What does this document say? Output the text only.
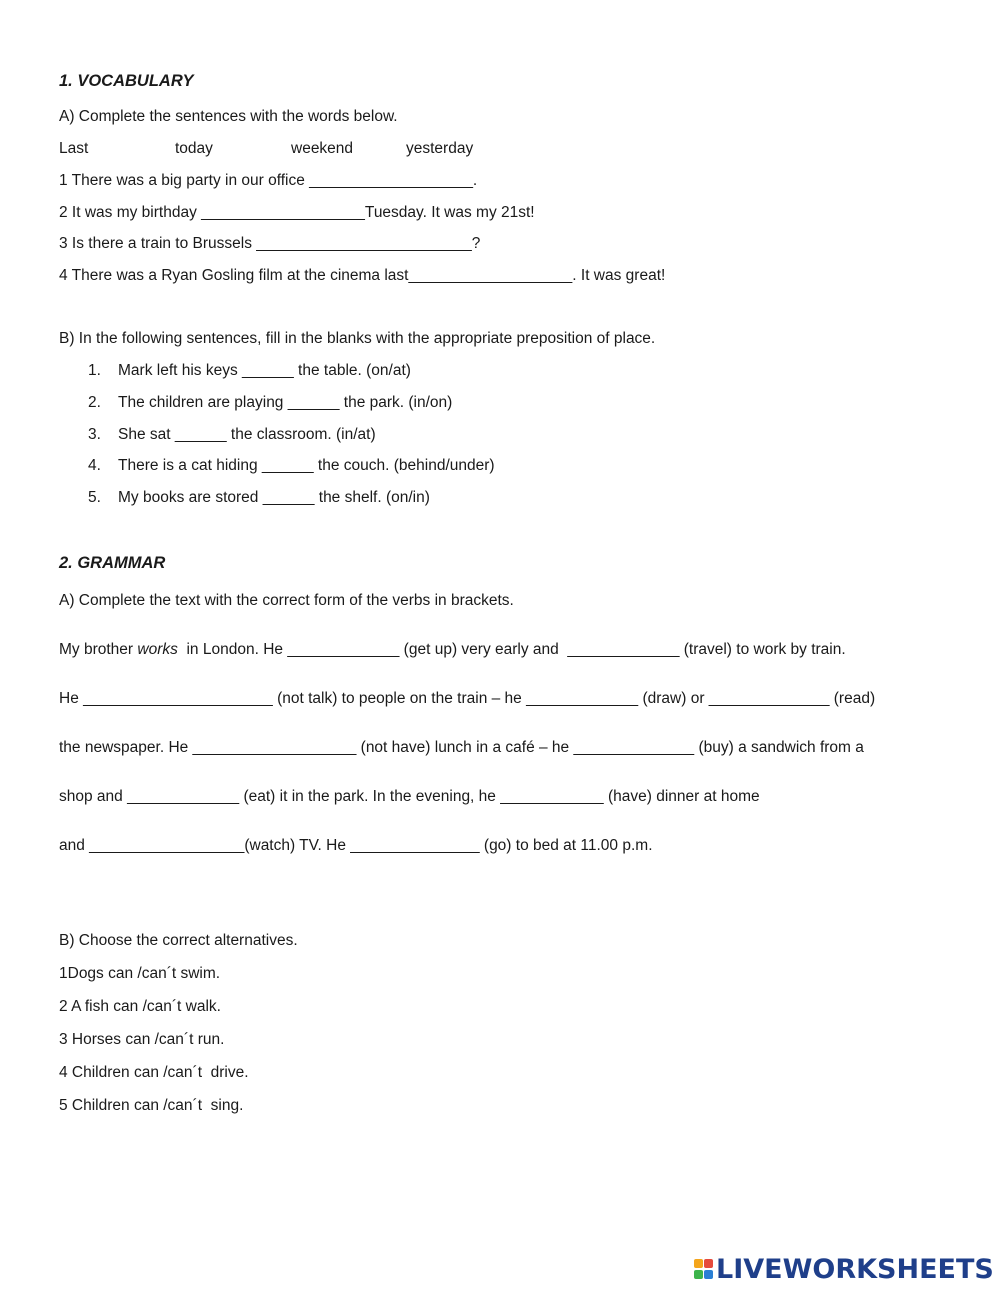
1. VOCABULARY
A) Complete the sentences with the words below.
Last	today	weekend	yesterday
1 There was a big party in our office ___________________.
2 It was my birthday ___________________Tuesday. It was my 21st!
3 Is there a train to Brussels _________________________?
4 There was a Ryan Gosling film at the cinema last___________________. It was great!
B) In the following sentences, fill in the blanks with the appropriate preposition of place.
1. Mark left his keys ______ the table. (on/at)
2. The children are playing ______ the park. (in/on)
3. She sat ______ the classroom. (in/at)
4. There is a cat hiding ______ the couch. (behind/under)
5. My books are stored ______ the shelf. (on/in)
2. GRAMMAR
A) Complete the text with the correct form of the verbs in brackets.
My brother works  in London. He _____________ (get up) very early and  _____________ (travel) to work by train.
He ______________________ (not talk) to people on the train – he _____________ (draw) or ______________ (read)
the newspaper. He ___________________ (not have) lunch in a café – he ______________ (buy) a sandwich from a
shop and _____________ (eat) it in the park. In the evening, he ____________ (have) dinner at home
and __________________(watch) TV. He _______________ (go) to bed at 11.00 p.m.
B) Choose the correct alternatives.
1Dogs can /can´t swim.
2 A fish can /can´t walk.
3 Horses can /can´t run.
4 Children can /can´t  drive.
5 Children can /can´t  sing.
LIVEWORKSHEETS
